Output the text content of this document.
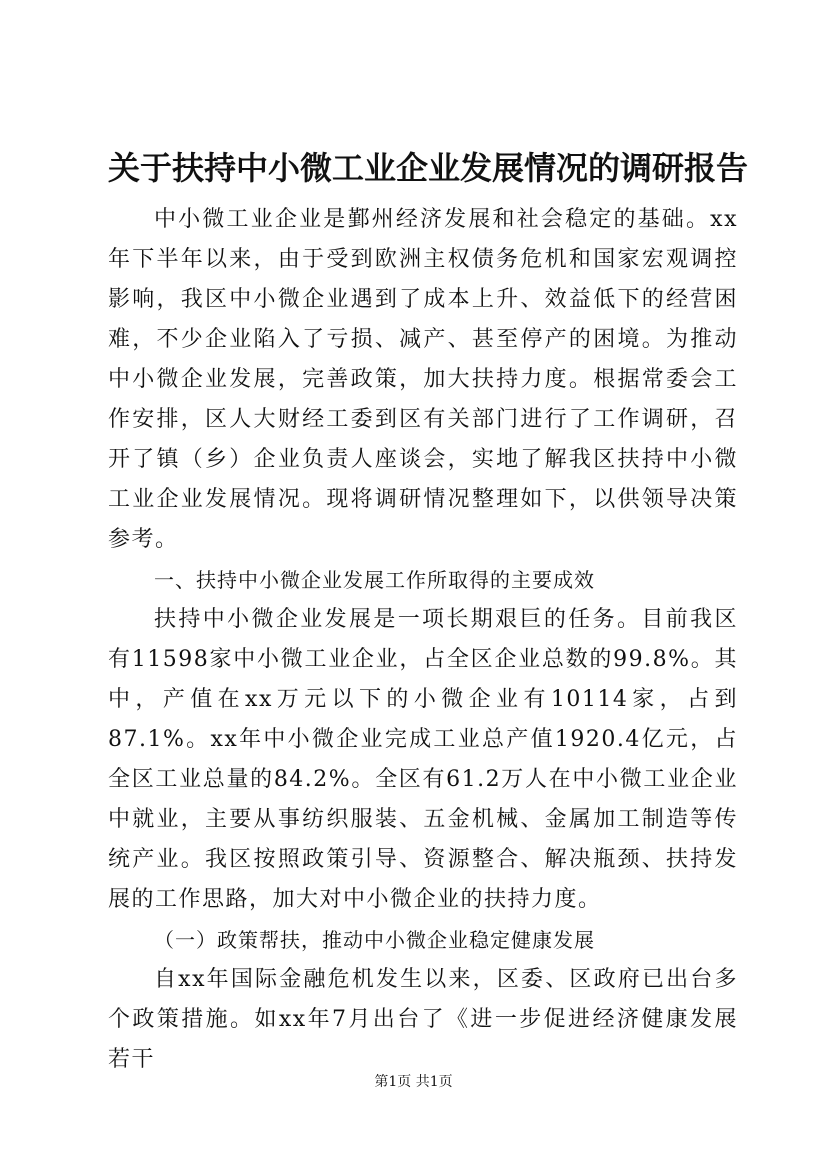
关于扶持中小微工业企业发展情况的调研报告

中小微工业企业是鄞州经济发展和社会稳定的基础。xx年下半年以来，由于受到欧洲主权债务危机和国家宏观调控影响，我区中小微企业遇到了成本上升、效益低下的经营困难，不少企业陷入了亏损、减产、甚至停产的困境。为推动中小微企业发展，完善政策，加大扶持力度。根据常委会工作安排，区人大财经工委到区有关部门进行了工作调研，召开了镇（乡）企业负责人座谈会，实地了解我区扶持中小微工业企业发展情况。现将调研情况整理如下，以供领导决策参考。

一、扶持中小微企业发展工作所取得的主要成效

扶持中小微企业发展是一项长期艰巨的任务。目前我区有11598家中小微工业企业，占全区企业总数的99.8%。其中，产值在xx万元以下的小微企业有10114家，占到87.1%。xx年中小微企业完成工业总产值1920.4亿元，占全区工业总量的84.2%。全区有61.2万人在中小微工业企业中就业，主要从事纺织服装、五金机械、金属加工制造等传统产业。我区按照政策引导、资源整合、解决瓶颈、扶持发展的工作思路，加大对中小微企业的扶持力度。

（一）政策帮扶，推动中小微企业稳定健康发展

自xx年国际金融危机发生以来，区委、区政府已出台多个政策措施。如xx年7月出台了《进一步促进经济健康发展若干

第1页 共1页
